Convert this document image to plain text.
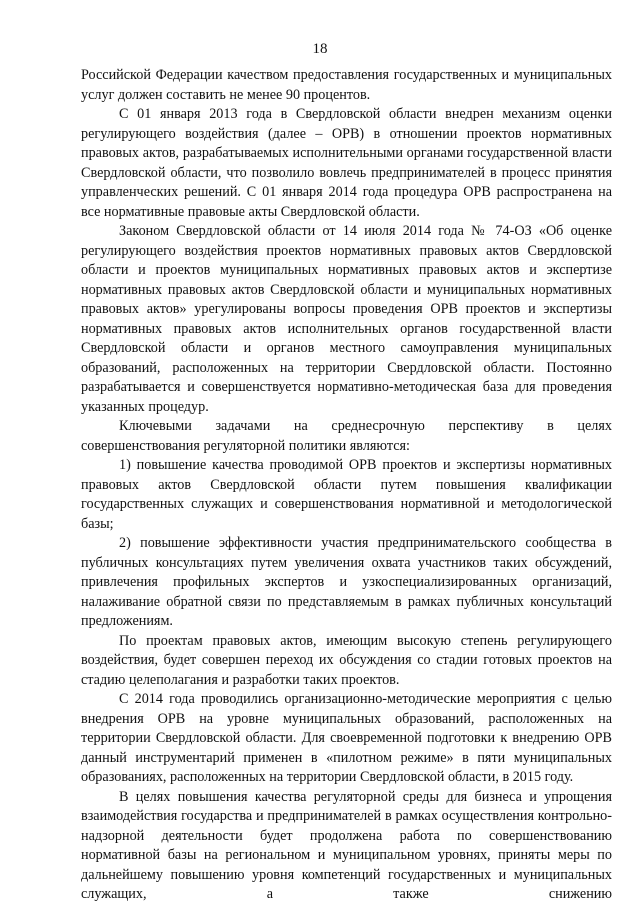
18

Российской Федерации качеством предоставления государственных и муниципальных услуг должен составить не менее 90 процентов.

С 01 января 2013 года в Свердловской области внедрен механизм оценки регулирующего воздействия (далее – ОРВ) в отношении проектов нормативных правовых актов, разрабатываемых исполнительными органами государственной власти Свердловской области, что позволило вовлечь предпринимателей в процесс принятия управленческих решений. С 01 января 2014 года процедура ОРВ распространена на все нормативные правовые акты Свердловской области.

Законом Свердловской области от 14 июля 2014 года № 74-ОЗ «Об оценке регулирующего воздействия проектов нормативных правовых актов Свердловской области и проектов муниципальных нормативных правовых актов и экспертизе нормативных правовых актов Свердловской области и муниципальных нормативных правовых актов» урегулированы вопросы проведения ОРВ проектов и экспертизы нормативных правовых актов исполнительных органов государственной власти Свердловской области и органов местного самоуправления муниципальных образований, расположенных на территории Свердловской области. Постоянно разрабатывается и совершенствуется нормативно-методическая база для проведения указанных процедур.

Ключевыми задачами на среднесрочную перспективу в целях совершенствования регуляторной политики являются:

1) повышение качества проводимой ОРВ проектов и экспертизы нормативных правовых актов Свердловской области путем повышения квалификации государственных служащих и совершенствования нормативной и методологической базы;

2) повышение эффективности участия предпринимательского сообщества в публичных консультациях путем увеличения охвата участников таких обсуждений, привлечения профильных экспертов и узкоспециализированных организаций, налаживание обратной связи по представляемым в рамках публичных консультаций предложениям.

По проектам правовых актов, имеющим высокую степень регулирующего воздействия, будет совершен переход их обсуждения со стадии готовых проектов на стадию целеполагания и разработки таких проектов.

С 2014 года проводились организационно-методические мероприятия с целью внедрения ОРВ на уровне муниципальных образований, расположенных на территории Свердловской области. Для своевременной подготовки к внедрению ОРВ данный инструментарий применен в «пилотном режиме» в пяти муниципальных образованиях, расположенных на территории Свердловской области, в 2015 году.

В целях повышения качества регуляторной среды для бизнеса и упрощения взаимодействия государства и предпринимателей в рамках осуществления контрольно-надзорной деятельности будет продолжена работа по совершенствованию нормативной базы на региональном и муниципальном уровнях, приняты меры по дальнейшему повышению уровня компетенций государственных и муниципальных служащих, а также снижению
